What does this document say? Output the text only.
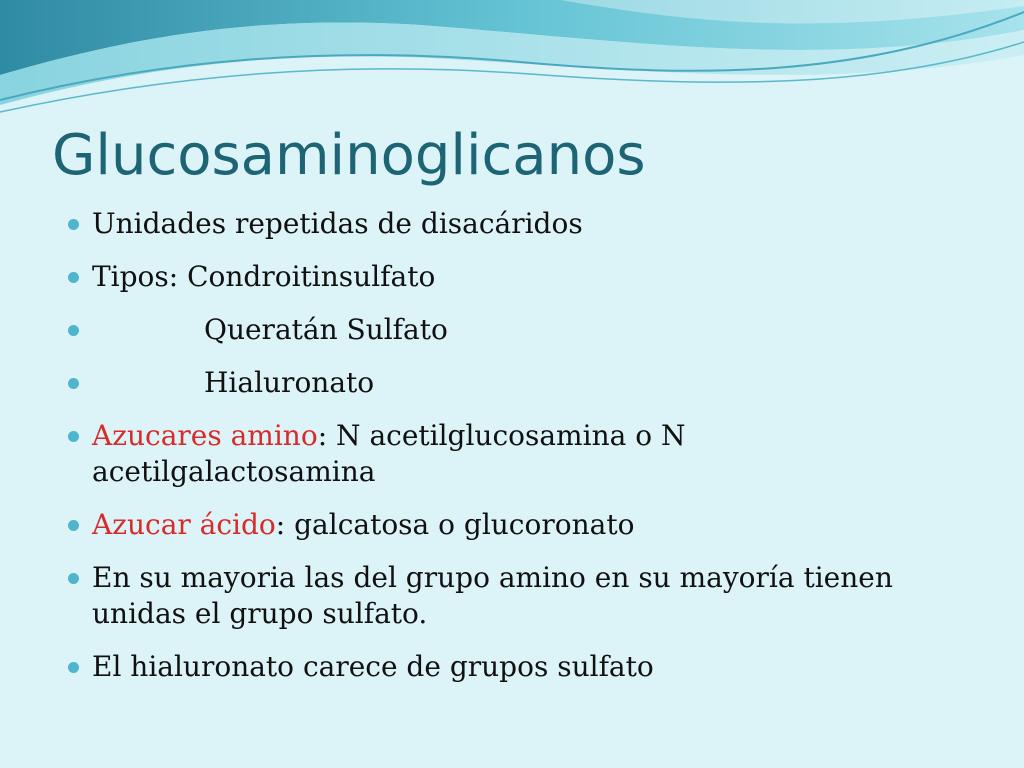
Glucosaminoglicanos
Unidades repetidas de disacáridos
Tipos: Condroitinsulfato
Queratán Sulfato
Hialuronato
Azucares amino: N acetilglucosamina o N acetilgalactosamina
Azucar ácido: galcatosa o glucoronato
En su mayoria las del grupo amino en su mayoría tienen unidas el grupo sulfato.
El hialuronato carece de grupos sulfato
